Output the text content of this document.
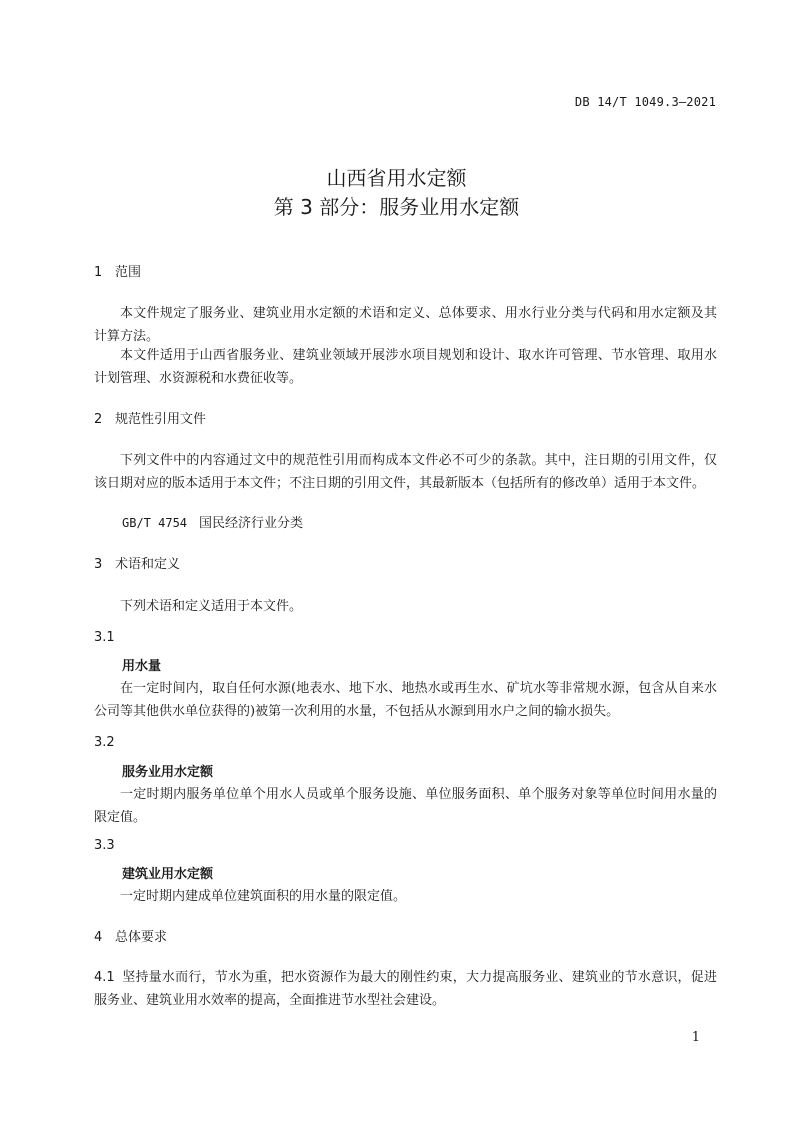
DB 14/T 1049.3—2021
山西省用水定额
第 3 部分：服务业用水定额
1 范围
本文件规定了服务业、建筑业用水定额的术语和定义、总体要求、用水行业分类与代码和用水定额及其计算方法。
本文件适用于山西省服务业、建筑业领域开展涉水项目规划和设计、取水许可管理、节水管理、取用水计划管理、水资源税和水费征收等。
2 规范性引用文件
下列文件中的内容通过文中的规范性引用而构成本文件必不可少的条款。其中，注日期的引用文件，仅该日期对应的版本适用于本文件；不注日期的引用文件，其最新版本（包括所有的修改单）适用于本文件。
GB/T 4754 国民经济行业分类
3 术语和定义
下列术语和定义适用于本文件。
3.1
用水量
在一定时间内，取自任何水源(地表水、地下水、地热水或再生水、矿坑水等非常规水源，包含从自来水公司等其他供水单位获得的)被第一次利用的水量，不包括从水源到用水户之间的输水损失。
3.2
服务业用水定额
一定时期内服务单位单个用水人员或单个服务设施、单位服务面积、单个服务对象等单位时间用水量的限定值。
3.3
建筑业用水定额
一定时期内建成单位建筑面积的用水量的限定值。
4 总体要求
4.1 坚持量水而行，节水为重，把水资源作为最大的刚性约束，大力提高服务业、建筑业的节水意识，促进服务业、建筑业用水效率的提高，全面推进节水型社会建设。
1
